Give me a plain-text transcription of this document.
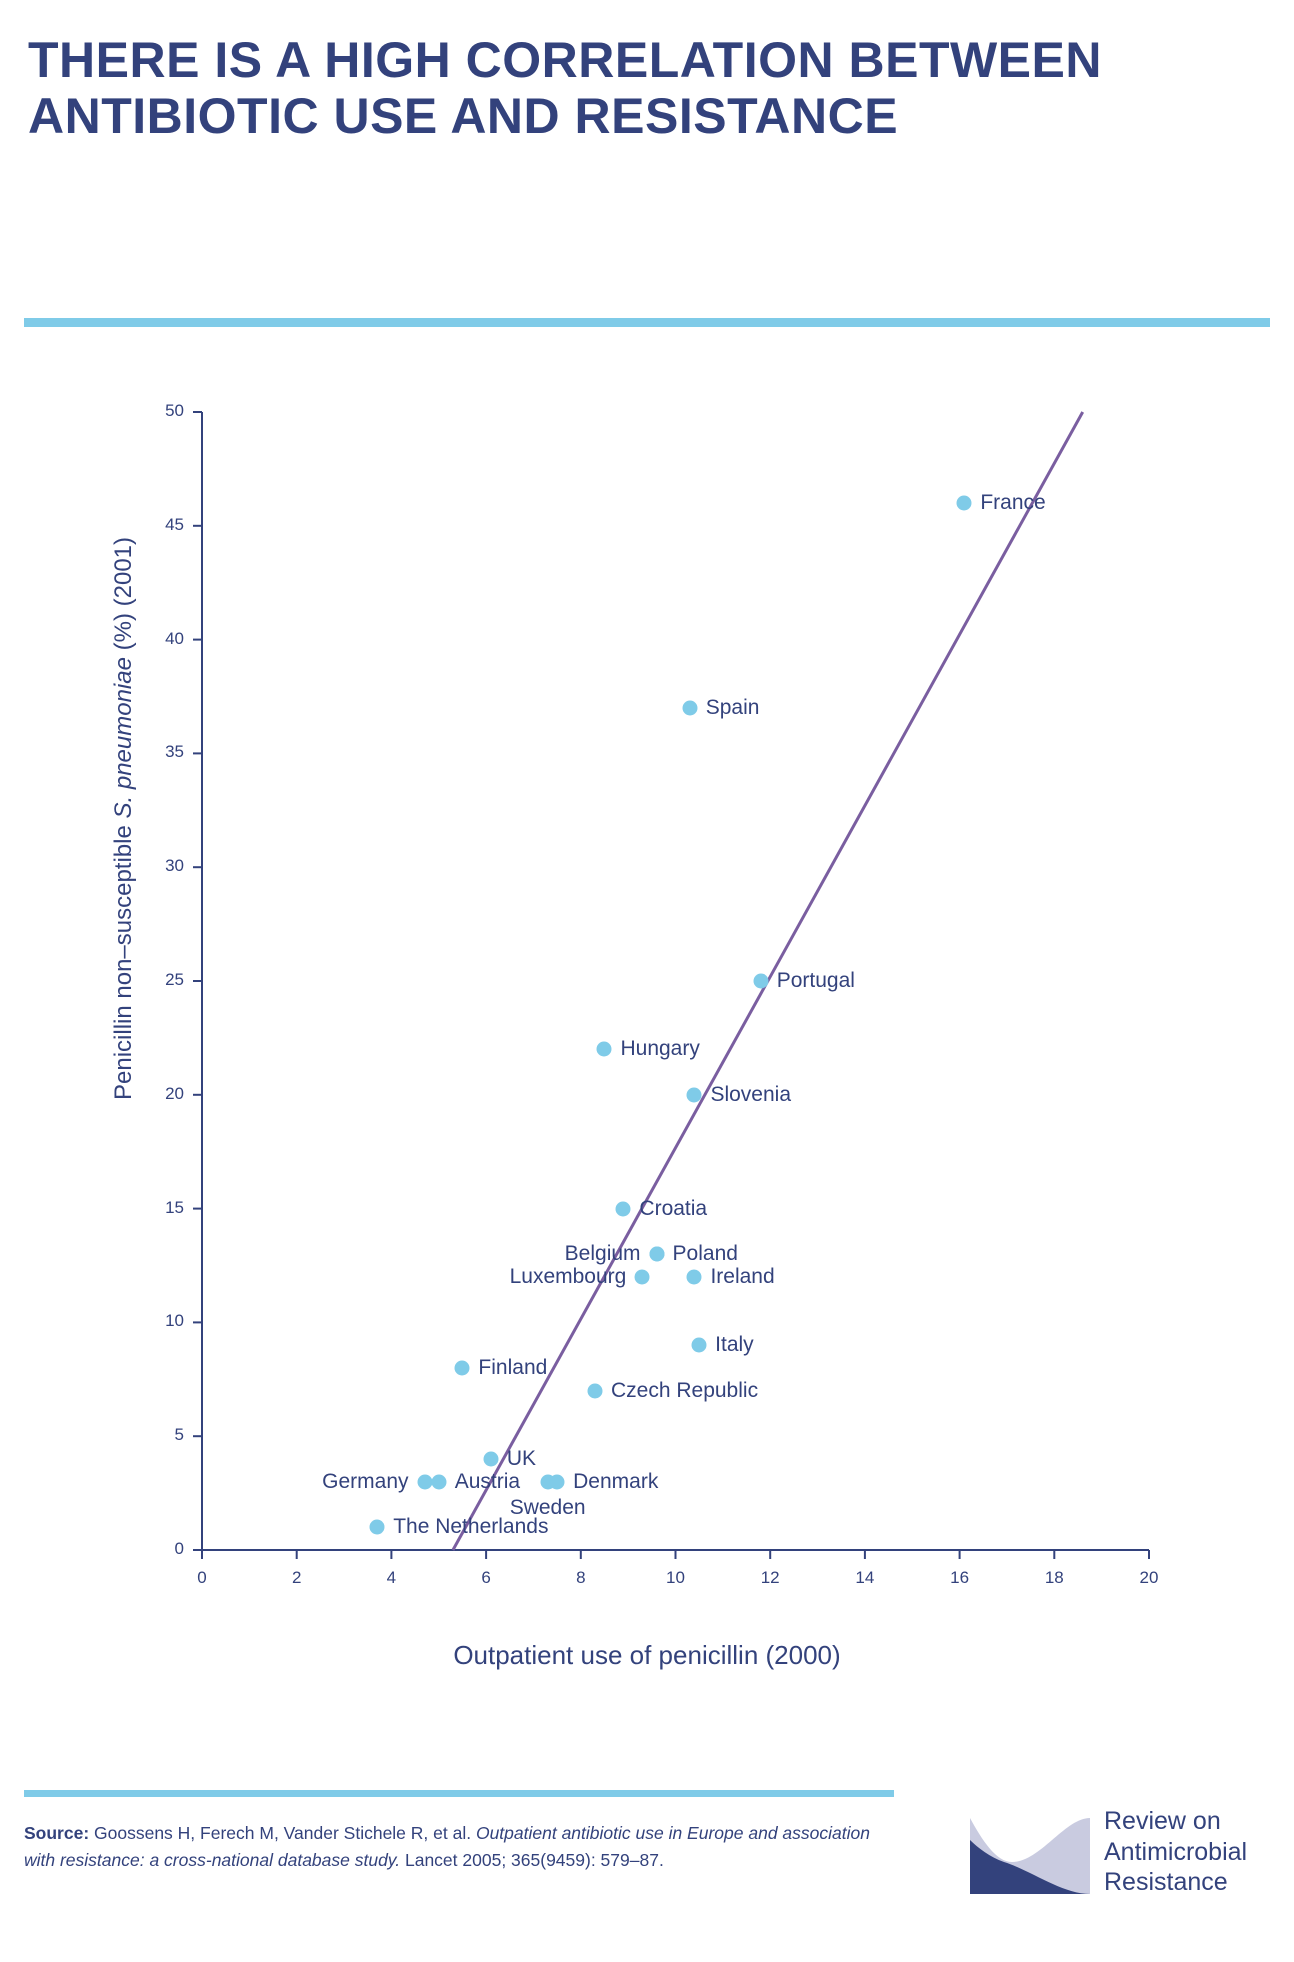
THERE IS A HIGH CORRELATION BETWEEN ANTIBIOTIC USE AND RESISTANCE
Penicillin non–susceptible S. pneumoniae (%) (2001)
0
5
10
15
20
25
30
35
40
45
50
0	2	4	6	8	10	12	14	16	18	20
France
Spain
Portugal
Hungary
Slovenia
Croatia
Poland
Belgium
Ireland
Luxembourg
Italy
Finland
Czech Republic
UK
Germany Austria
Sweden
Denmark
The Netherlands
Outpatient use of penicillin (2000)
Source: Goossens H, Ferech M, Vander Stichele R, et al. Outpatient antibiotic use in Europe and association with resistance: a cross-national database study. Lancet 2005; 365(9459): 579–87.
Review on
Antimicrobial
Resistance
